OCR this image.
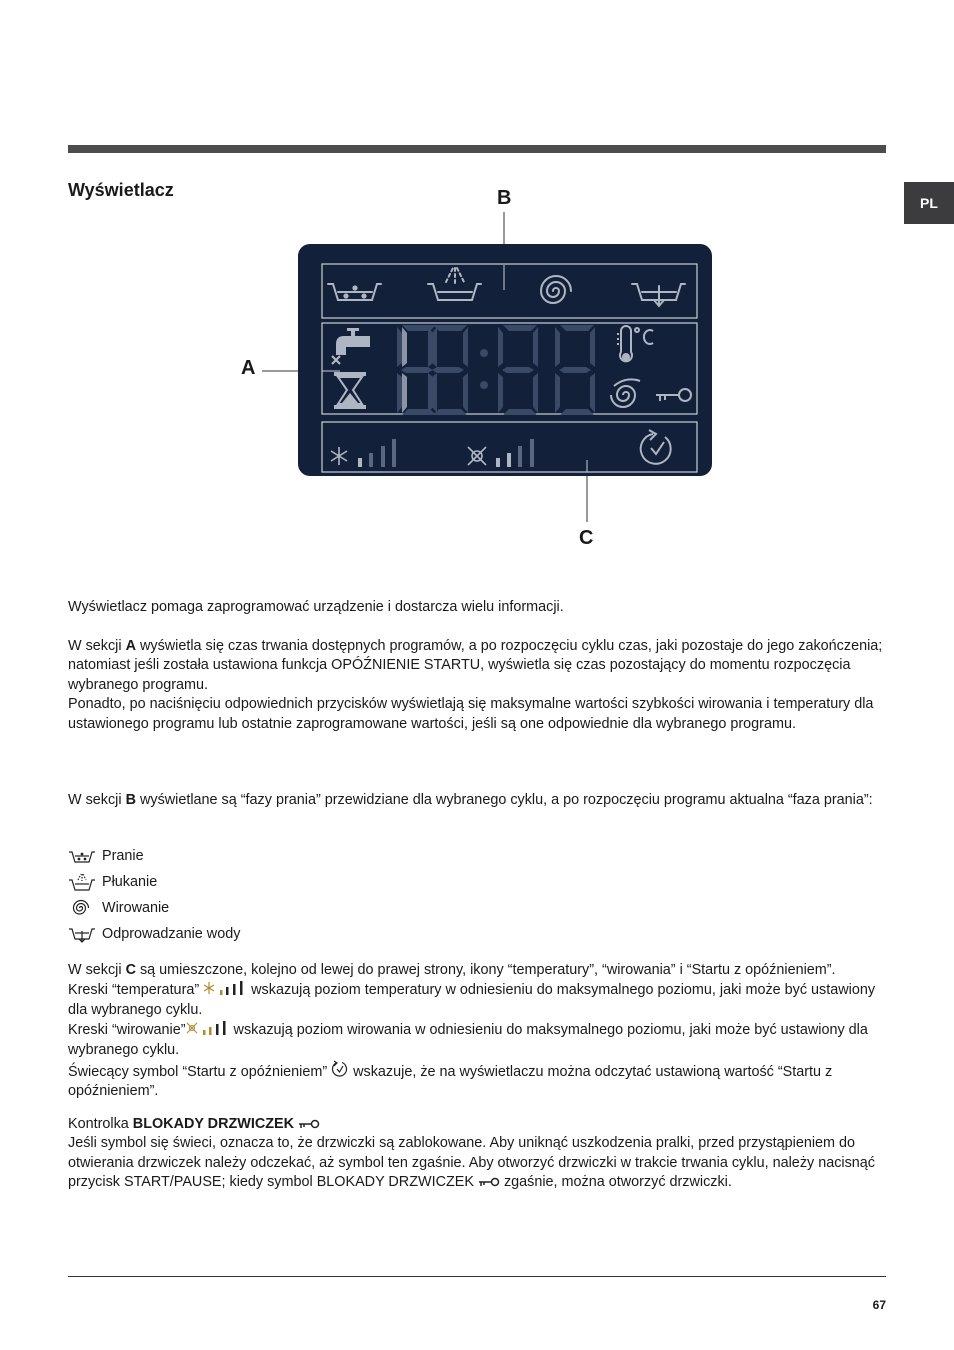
PL
Wyświetlacz	B
A
C

Wyświetlacz pomaga zaprogramować urządzenie i dostarcza wielu informacji.

W sekcji A wyświetla się czas trwania dostępnych programów, a po rozpoczęciu cyklu czas, jaki pozostaje do jego zakończenia; natomiast jeśli została ustawiona funkcja OPÓŹNIENIE STARTU, wyświetla się czas pozostający do momentu rozpoczęcia wybranego programu.
Ponadto, po naciśnięciu odpowiednich przycisków wyświetlają się maksymalne wartości szybkości wirowania i temperatury dla ustawionego programu lub ostatnie zaprogramowane wartości, jeśli są one odpowiednie dla wybranego programu.

W sekcji B wyświetlane są “fazy prania” przewidziane dla wybranego cyklu, a po rozpoczęciu programu aktualna “faza prania”:

Pranie
Płukanie
Wirowanie
Odprowadzanie wody

W sekcji C są umieszczone, kolejno od lewej do prawej strony, ikony “temperatury”, “wirowania” i “Startu z opóźnieniem”.
Kreski “temperatura”	wskazują poziom temperatury w odniesieniu do maksymalnego poziomu, jaki może być ustawiony dla wybranego cyklu.
Kreski “wirowanie”	wskazują poziom wirowania w odniesieniu do maksymalnego poziomu, jaki może być ustawiony dla wybranego cyklu.
Świecący symbol “Startu z opóźnieniem”  wskazuje, że na wyświetlaczu można odczytać ustawioną wartość “Startu z opóźnieniem”.

Kontrolka BLOKADY DRZWICZEK
Jeśli symbol się świeci, oznacza to, że drzwiczki są zablokowane. Aby uniknąć uszkodzenia pralki, przed przystąpieniem do otwierania drzwiczek należy odczekać, aż symbol ten zgaśnie. Aby otworzyć drzwiczki w trakcie trwania cyklu, należy nacisnąć przycisk START/PAUSE; kiedy symbol BLOKADY DRZWICZEK  zgaśnie, można otworzyć drzwiczki.

67
